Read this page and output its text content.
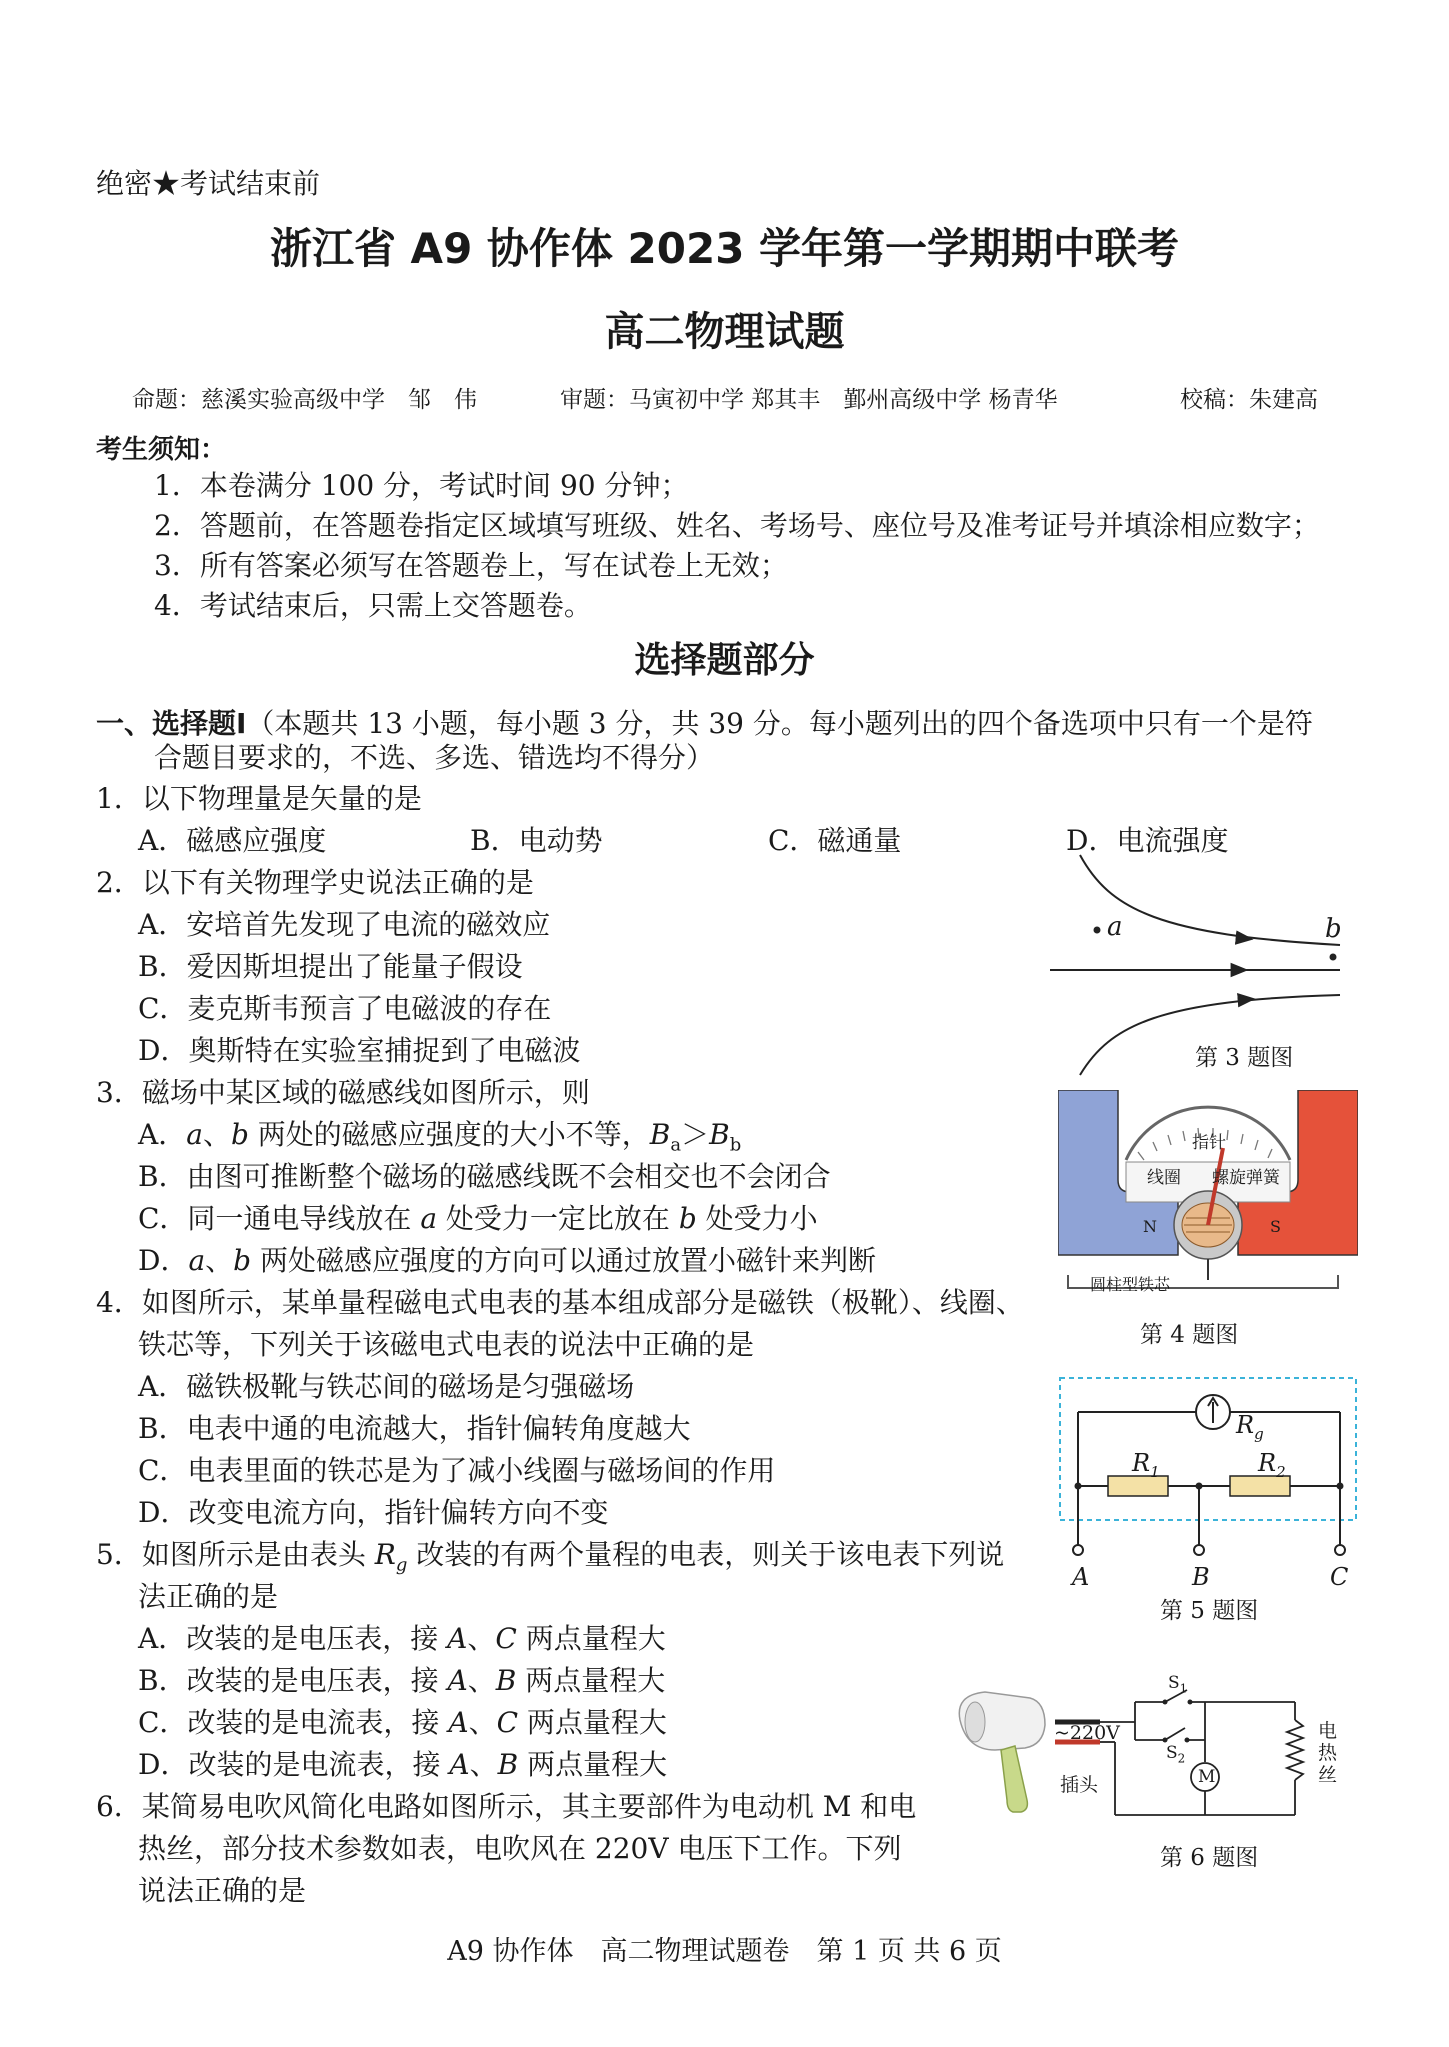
绝密★考试结束前
浙江省 A9 协作体 2023 学年第一学期期中联考
高二物理试题
命题：慈溪实验高级中学　邹　伟	审题：马寅初中学 郑其丰　鄞州高级中学 杨青华	校稿：朱建高
考生须知：
1．本卷满分 100 分，考试时间 90 分钟；
2．答题前，在答题卷指定区域填写班级、姓名、考场号、座位号及准考证号并填涂相应数字；
3．所有答案必须写在答题卷上，写在试卷上无效；
4．考试结束后，只需上交答题卷。
选择题部分
一、选择题Ⅰ（本题共 13 小题，每小题 3 分，共 39 分。每小题列出的四个备选项中只有一个是符
合题目要求的，不选、多选、错选均不得分）
1．以下物理量是矢量的是
A．磁感应强度	B．电动势	C．磁通量	D．电流强度
2．以下有关物理学史说法正确的是
A．安培首先发现了电流的磁效应
B．爱因斯坦提出了能量子假设
C．麦克斯韦预言了电磁波的存在
D．奥斯特在实验室捕捉到了电磁波
3．磁场中某区域的磁感线如图所示，则
A．a、b 两处的磁感应强度的大小不等，$B_a>B_b$
B．由图可推断整个磁场的磁感线既不会相交也不会闭合
C．同一通电导线放在 a 处受力一定比放在 b 处受力小
D．a、b 两处磁感应强度的方向可以通过放置小磁针来判断
4．如图所示，某单量程磁电式电表的基本组成部分是磁铁（极靴）、线圈、
铁芯等，下列关于该磁电式电表的说法中正确的是
A．磁铁极靴与铁芯间的磁场是匀强磁场
B．电表中通的电流越大，指针偏转角度越大
C．电表里面的铁芯是为了减小线圈与磁场间的作用
D．改变电流方向，指针偏转方向不变
5．如图所示是由表头 $R_g$ 改装的有两个量程的电表，则关于该电表下列说
法正确的是
A．改装的是电压表，接 A、C 两点量程大
B．改装的是电压表，接 A、B 两点量程大
C．改装的是电流表，接 A、C 两点量程大
D．改装的是电流表，接 A、B 两点量程大
6．某简易电吹风简化电路如图所示，其主要部件为电动机 M 和电
热丝，部分技术参数如表，电吹风在 220V 电压下工作。下列
说法正确的是
a	b
第 3 题图
指针
线圈 螺旋弹簧
N	S
圆柱型铁芯
第 4 题图
$R_g$
$R_1$	$R_2$
A	B	C
第 5 题图
~220V
插头
$S_1$
$S_2$
M
电热丝
第 6 题图
A9 协作体　高二物理试题卷　第 1 页 共 6 页
